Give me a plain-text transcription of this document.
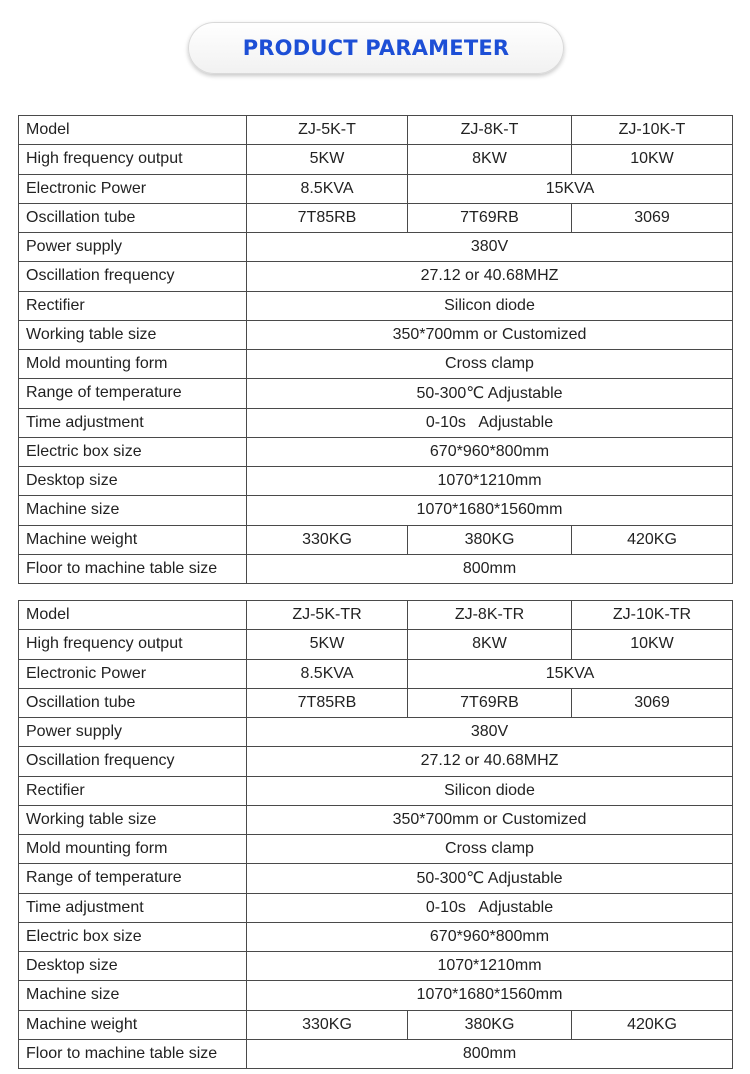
PRODUCT PARAMETER
Model	ZJ-5K-T	ZJ-8K-T	ZJ-10K-T
High frequency output	5KW	8KW	10KW
Electronic Power	8.5KVA	15KVA	
Oscillation tube	7T85RB	7T69RB	3069
Power supply	380V		
Oscillation frequency	27.12 or 40.68MHZ		
Rectifier	Silicon diode		
Working table size	350*700mm or Customized		
Mold mounting form	Cross clamp		
Range of temperature	50-300℃ Adjustable		
Time adjustment	0-10s   Adjustable		
Electric box size	670*960*800mm		
Desktop size	1070*1210mm		
Machine size	1070*1680*1560mm		
Machine weight	330KG	380KG	420KG
Floor to machine table size	800mm		
Model	ZJ-5K-TR	ZJ-8K-TR	ZJ-10K-TR
High frequency output	5KW	8KW	10KW
Electronic Power	8.5KVA	15KVA	
Oscillation tube	7T85RB	7T69RB	3069
Power supply	380V		
Oscillation frequency	27.12 or 40.68MHZ		
Rectifier	Silicon diode		
Working table size	350*700mm or Customized		
Mold mounting form	Cross clamp		
Range of temperature	50-300℃ Adjustable		
Time adjustment	0-10s   Adjustable		
Electric box size	670*960*800mm		
Desktop size	1070*1210mm		
Machine size	1070*1680*1560mm		
Machine weight	330KG	380KG	420KG
Floor to machine table size	800mm		
